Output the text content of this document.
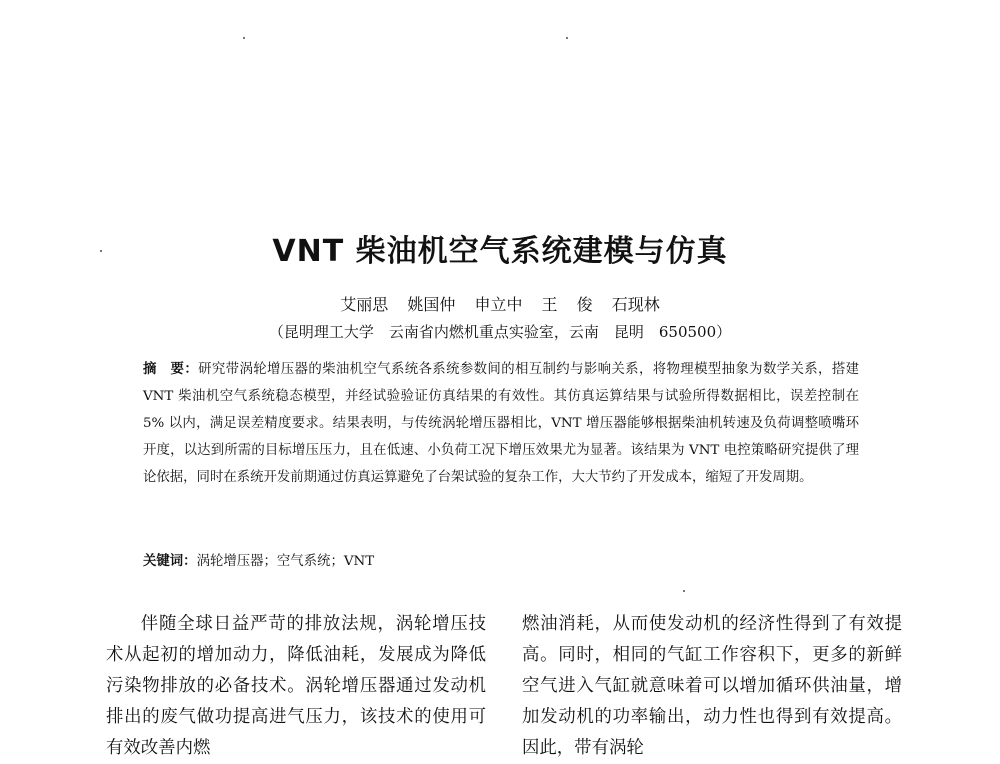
VNT 柴油机空气系统建模与仿真
艾丽思 姚国仲 申立中 王 俊 石现林
（昆明理工大学　云南省内燃机重点实验室，云南　昆明　650500）
摘　要：研究带涡轮增压器的柴油机空气系统各系统参数间的相互制约与影响关系，将物理模型抽象为数学关系，搭建 VNT 柴油机空气系统稳态模型，并经试验验证仿真结果的有效性。其仿真运算结果与试验所得数据相比，误差控制在 5% 以内，满足误差精度要求。结果表明，与传统涡轮增压器相比，VNT 增压器能够根据柴油机转速及负荷调整喷嘴环开度，以达到所需的目标增压压力，且在低速、小负荷工况下增压效果尤为显著。该结果为 VNT 电控策略研究提供了理论依据，同时在系统开发前期通过仿真运算避免了台架试验的复杂工作，大大节约了开发成本，缩短了开发周期。
关键词：涡轮增压器；空气系统；VNT
伴随全球日益严苛的排放法规，涡轮增压技术从起初的增加动力，降低油耗，发展成为降低污染物排放的必备技术。涡轮增压器通过发动机排出的废气做功提高进气压力，该技术的使用可有效改善内燃
燃油消耗，从而使发动机的经济性得到了有效提高。同时，相同的气缸工作容积下，更多的新鲜空气进入气缸就意味着可以增加循环供油量，增加发动机的功率输出，动力性也得到有效提高。因此，带有涡轮
